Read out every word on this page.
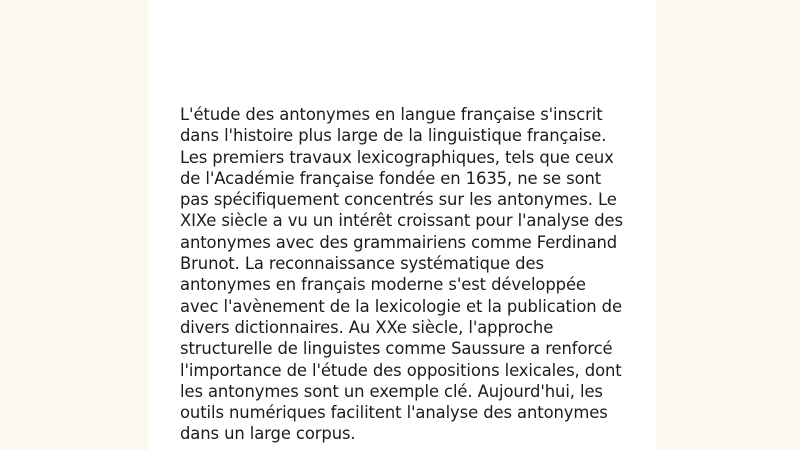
L'étude des antonymes en langue française s'inscrit
dans l'histoire plus large de la linguistique française.
Les premiers travaux lexicographiques, tels que ceux
de l'Académie française fondée en 1635, ne se sont
pas spécifiquement concentrés sur les antonymes. Le
XIXe siècle a vu un intérêt croissant pour l'analyse des
antonymes avec des grammairiens comme Ferdinand
Brunot. La reconnaissance systématique des
antonymes en français moderne s'est développée
avec l'avènement de la lexicologie et la publication de
divers dictionnaires. Au XXe siècle, l'approche
structurelle de linguistes comme Saussure a renforcé
l'importance de l'étude des oppositions lexicales, dont
les antonymes sont un exemple clé. Aujourd'hui, les
outils numériques facilitent l'analyse des antonymes
dans un large corpus.
